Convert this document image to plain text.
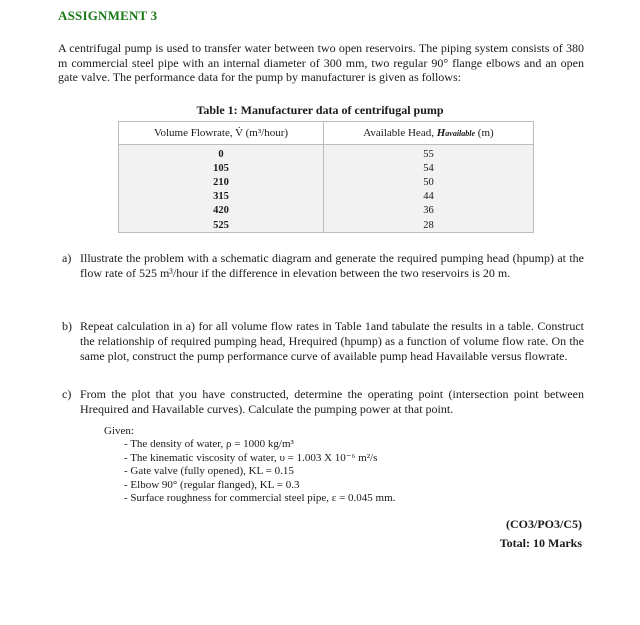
ASSIGNMENT 3
A centrifugal pump is used to transfer water between two open reservoirs. The piping system consists of 380 m commercial steel pipe with an internal diameter of 300 mm, two regular 90° flange elbows and an open gate valve. The performance data for the pump by manufacturer is given as follows:
Table 1: Manufacturer data of centrifugal pump
Volume Flowrate, V̇ (m³/hour)	Available Head, Havailable (m)
0	55
105	54
210	50
315	44
420	36
525	28
a) Illustrate the problem with a schematic diagram and generate the required pumping head (hpump) at the flow rate of 525 m³/hour if the difference in elevation between the two reservoirs is 20 m.
b) Repeat calculation in a) for all volume flow rates in Table 1and tabulate the results in a table. Construct the relationship of required pumping head, Hrequired (hpump) as a function of volume flow rate. On the same plot, construct the pump performance curve of available pump head Havailable versus flowrate.
c) From the plot that you have constructed, determine the operating point (intersection point between Hrequired and Havailable curves). Calculate the pumping power at that point.
Given:
- The density of water, ρ = 1000 kg/m³
- The kinematic viscosity of water, υ = 1.003 X 10⁻⁶ m²/s
- Gate valve (fully opened), KL = 0.15
- Elbow 90° (regular flanged), KL = 0.3
- Surface roughness for commercial steel pipe, ε = 0.045 mm.
(CO3/PO3/C5)
Total: 10 Marks
